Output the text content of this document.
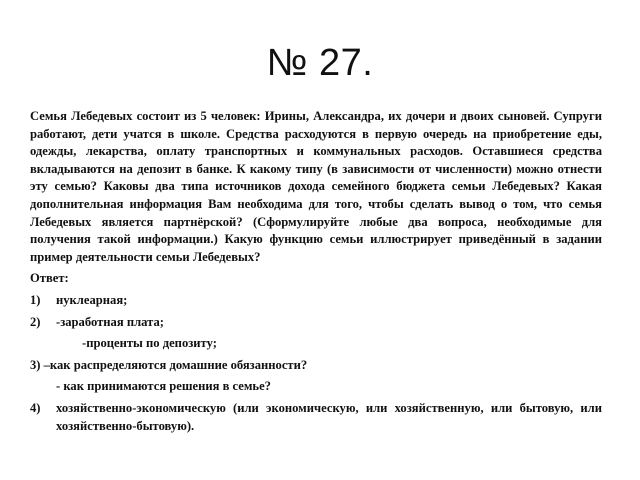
№ 27.

Семья Лебедевых состоит из 5 человек: Ирины, Александра, их дочери и двоих сыновей. Супруги работают, дети учатся в школе. Средства расходуются в первую очередь на приобретение еды, одежды, лекарства, оплату транспортных и коммунальных расходов. Оставшиеся средства вкладываются на депозит в банке. К какому типу (в зависимости от численности) можно отнести эту семью? Каковы два типа источников дохода семейного бюджета семьи Лебедевых? Какая дополнительная информация Вам необходима для того, чтобы сделать вывод о том, что семья Лебедевых является партнёрской? (Сформулируйте любые два вопроса, необходимые для получения такой информации.) Какую функцию семьи иллюстрирует приведённый в задании пример деятельности семьи Лебедевых?

Ответ:

1)	нуклеарная;
2)	-заработная плата;

-проценты по депозиту;

3) –как распределяются домашние обязанности?

- как принимаются решения в семье?

4)	хозяйственно-экономическую (или экономическую, или хозяйственную, или бытовую, или хозяйственно-бытовую).
